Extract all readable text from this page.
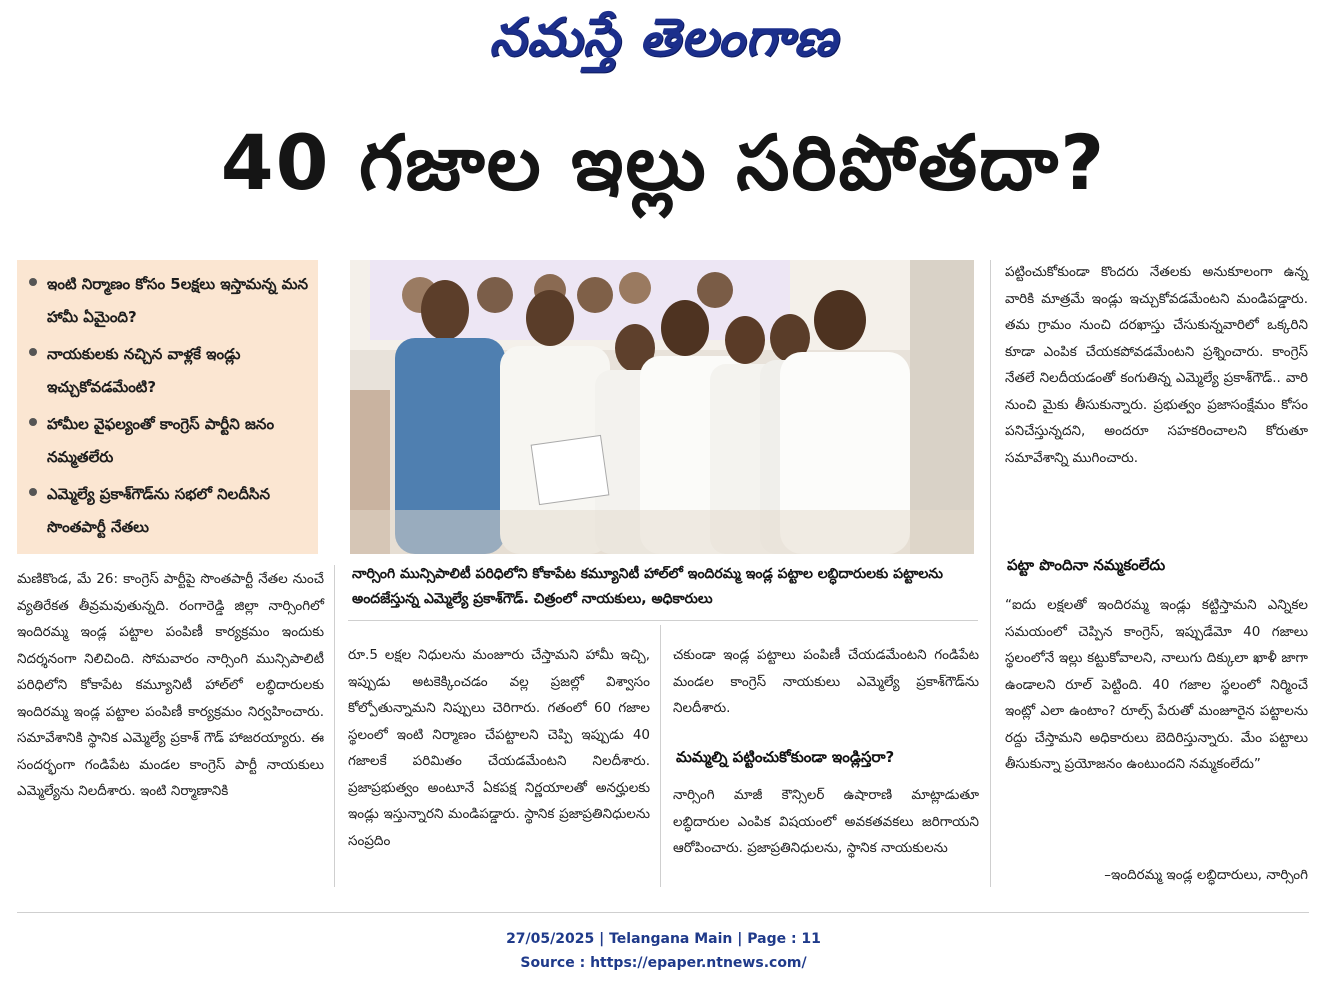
నమస్తే తెలంగాణ
40 గజాల ఇల్లు సరిపోతదా?
ఇంటి నిర్మాణం కోసం 5లక్షలు ఇస్తామన్న మన హామీ ఏమైంది?
నాయకులకు నచ్చిన వాళ్లకే ఇండ్లు ఇచ్చుకోవడమేంటి?
హామీల వైఫల్యంతో కాంగ్రెస్ పార్టీని జనం నమ్మతలేరు
ఎమ్మెల్యే ప్రకాశ్‌గౌడ్‌ను సభలో నిలదీసిన సొంతపార్టీ నేతలు
నార్సింగి మున్సిపాలిటీ పరిధిలోని కోకాపేట కమ్యూనిటీ హాల్‌లో ఇందిరమ్మ ఇండ్ల పట్టాల లబ్ధిదారులకు పట్టాలను అందజేస్తున్న ఎమ్మెల్యే ప్రకాశ్‌గౌడ్. చిత్రంలో నాయకులు, అధికారులు

మణికొండ, మే 26: కాంగ్రెస్ పార్టీపై సొంతపార్టీ నేతల నుంచే వ్యతిరేకత తీవ్రమవుతున్నది. రంగారెడ్డి జిల్లా నార్సింగిలో ఇందిరమ్మ ఇండ్ల పట్టాల పంపిణీ కార్యక్రమం ఇందుకు నిదర్శనంగా నిలిచింది. సోమవారం నార్సింగి మున్సిపాలిటీ పరిధిలోని కోకాపేట కమ్యూనిటీ హాల్‌లో లబ్ధిదారులకు ఇందిరమ్మ ఇండ్ల పట్టాల పంపిణీ కార్యక్రమం నిర్వహించారు. సమావేశానికి స్థానిక ఎమ్మెల్యే ప్రకాశ్ గౌడ్ హాజరయ్యారు. ఈ సందర్భంగా గండిపేట మండల కాంగ్రెస్ పార్టీ నాయకులు ఎమ్మెల్యేను నిలదీశారు. ఇంటి నిర్మాణానికి

రూ.5 లక్షల నిధులను మంజూరు చేస్తామని హామీ ఇచ్చి, ఇప్పుడు అటకెక్కించడం వల్ల ప్రజల్లో విశ్వాసం కోల్పోతున్నామని నిప్పులు చెరిగారు. గతంలో 60 గజాల స్థలంలో ఇంటి నిర్మాణం చేపట్టాలని చెప్పి ఇప్పుడు 40 గజాలకే పరిమితం చేయడమేంటని నిలదీశారు. ప్రజాప్రభుత్వం అంటూనే ఏకపక్ష నిర్ణయాలతో అనర్హులకు ఇండ్లు ఇస్తున్నారని మండిపడ్డారు. స్థానిక ప్రజాప్రతినిధులను సంప్రదిం

చకుండా ఇండ్ల పట్టాలు పంపిణీ చేయడమేంటని గండిపేట మండల కాంగ్రెస్ నాయకులు ఎమ్మెల్యే ప్రకాశ్‌గౌడ్‌ను నిలదీశారు.

మమ్మల్ని పట్టించుకోకుండా ఇండ్లిస్తరా?

నార్సింగి మాజీ కౌన్సిలర్ ఉషారాణి మాట్లాడుతూ లబ్ధిదారుల ఎంపిక విషయంలో అవకతవకలు జరిగాయని ఆరోపించారు. ప్రజాప్రతినిధులను, స్థానిక నాయకులను

పట్టించుకోకుండా కొందరు నేతలకు అనుకూలంగా ఉన్న వారికి మాత్రమే ఇండ్లు ఇచ్చుకోవడమేంటని మండిపడ్డారు. తమ గ్రామం నుంచి దరఖాస్తు చేసుకున్నవారిలో ఒక్కరిని కూడా ఎంపిక చేయకపోవడమేంటని ప్రశ్నించారు. కాంగ్రెస్ నేతలే నిలదీయడంతో కంగుతిన్న ఎమ్మెల్యే ప్రకాశ్‌గౌడ్.. వారి నుంచి మైకు తీసుకున్నారు. ప్రభుత్వం ప్రజాసంక్షేమం కోసం పనిచేస్తున్నదని, అందరూ సహకరించాలని కోరుతూ సమావేశాన్ని ముగించారు.

పట్టా పొందినా నమ్మకంలేదు

“ఐదు లక్షలతో ఇందిరమ్మ ఇండ్లు కట్టిస్తామని ఎన్నికల సమయంలో చెప్పిన కాంగ్రెస్, ఇప్పుడేమో 40 గజాలు స్థలంలోనే ఇల్లు కట్టుకోవాలని, నాలుగు దిక్కులా ఖాళీ జాగా ఉండాలని రూల్ పెట్టింది. 40 గజాల స్థలంలో నిర్మించే ఇంట్లో ఎలా ఉంటాం? రూల్స్ పేరుతో మంజూరైన పట్టాలను రద్దు చేస్తామని అధికారులు బెదిరిస్తున్నారు. మేం పట్టాలు తీసుకున్నా ప్రయోజనం ఉంటుందని నమ్మకంలేదు”

–ఇందిరమ్మ ఇండ్ల లబ్ధిదారులు, నార్సింగి
27/05/2025 | Telangana Main | Page : 11
Source : https://epaper.ntnews.com/
